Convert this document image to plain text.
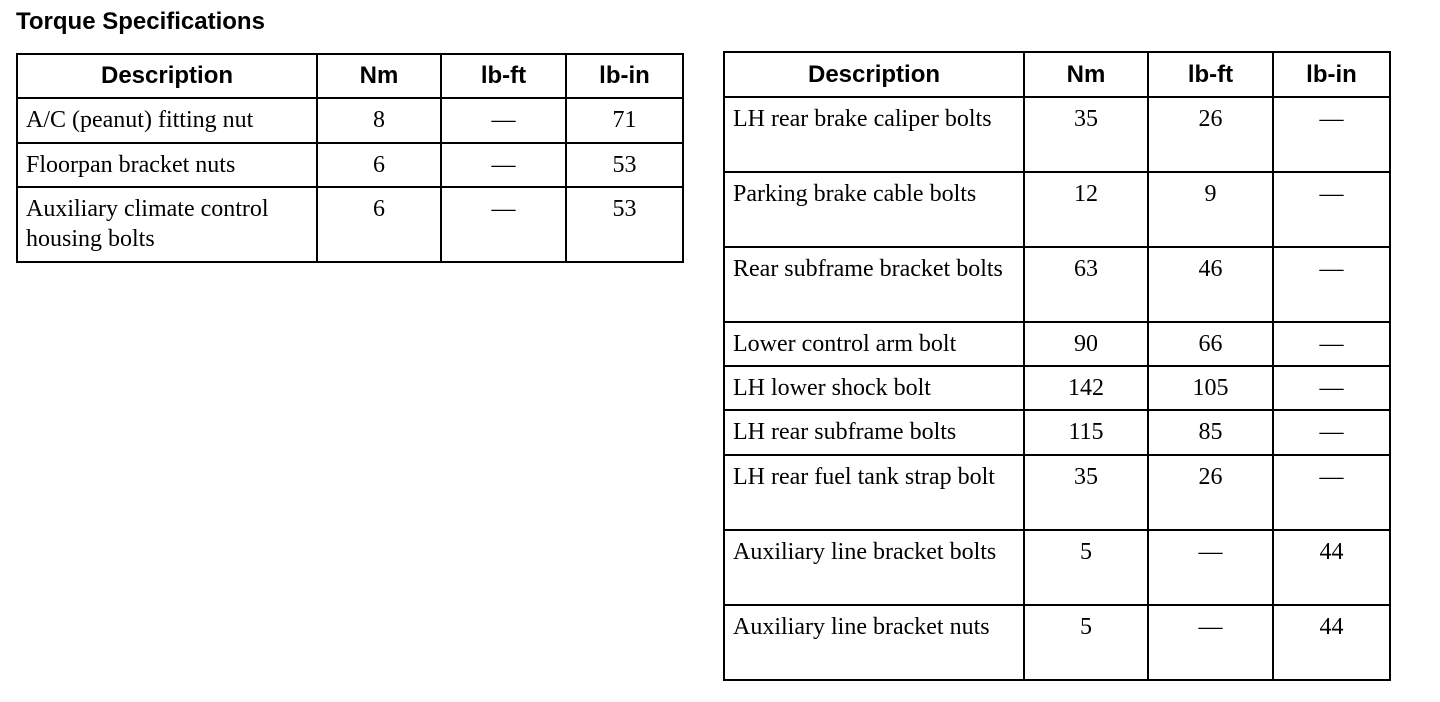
Torque Specifications
Description	Nm	lb-ft	lb-in
A/C (peanut) fitting nut	8	—	71
Floorpan bracket nuts	6	—	53
Auxiliary climate control housing bolts	6	—	53
Description	Nm	lb-ft	lb-in
LH rear brake caliper bolts	35	26	—
Parking brake cable bolts	12	9	—
Rear subframe bracket bolts	63	46	—
Lower control arm bolt	90	66	—
LH lower shock bolt	142	105	—
LH rear subframe bolts	115	85	—
LH rear fuel tank strap bolt	35	26	—
Auxiliary line bracket bolts	5	—	44
Auxiliary line bracket nuts	5	—	44
